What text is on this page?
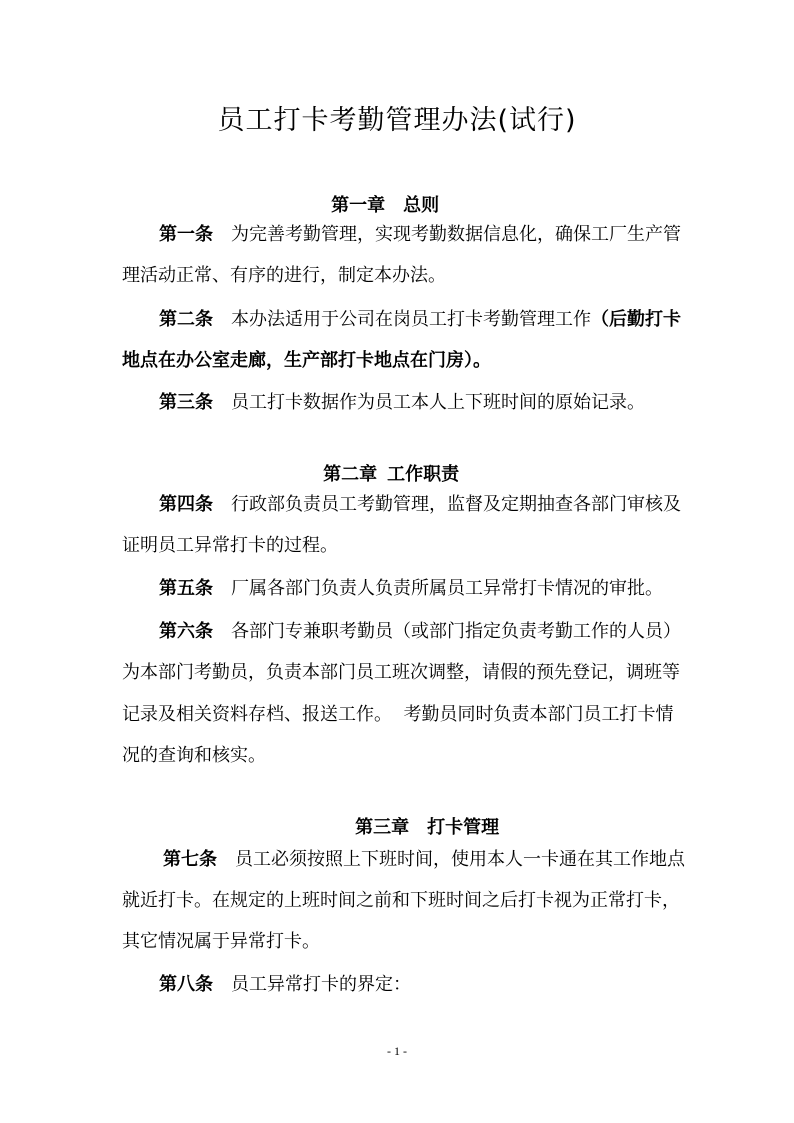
员工打卡考勤管理办法(试行)

第一章 总则

第一条 为完善考勤管理，实现考勤数据信息化，确保工厂生产管
理活动正常、有序的进行，制定本办法。
第二条 本办法适用于公司在岗员工打卡考勤管理工作（后勤打卡
地点在办公室走廊，生产部打卡地点在门房）。
第三条 员工打卡数据作为员工本人上下班时间的原始记录。

第二章 工作职责

第四条 行政部负责员工考勤管理，监督及定期抽查各部门审核及
证明员工异常打卡的过程。
第五条 厂属各部门负责人负责所属员工异常打卡情况的审批。
第六条 各部门专兼职考勤员（或部门指定负责考勤工作的人员）
为本部门考勤员，负责本部门员工班次调整，请假的预先登记，调班等
记录及相关资料存档、报送工作。  考勤员同时负责本部门员工打卡情
况的查询和核实。

第三章 打卡管理

第七条 员工必须按照上下班时间，使用本人一卡通在其工作地点
就近打卡。在规定的上班时间之前和下班时间之后打卡视为正常打卡，
其它情况属于异常打卡。
第八条 员工异常打卡的界定：
- 1 -
